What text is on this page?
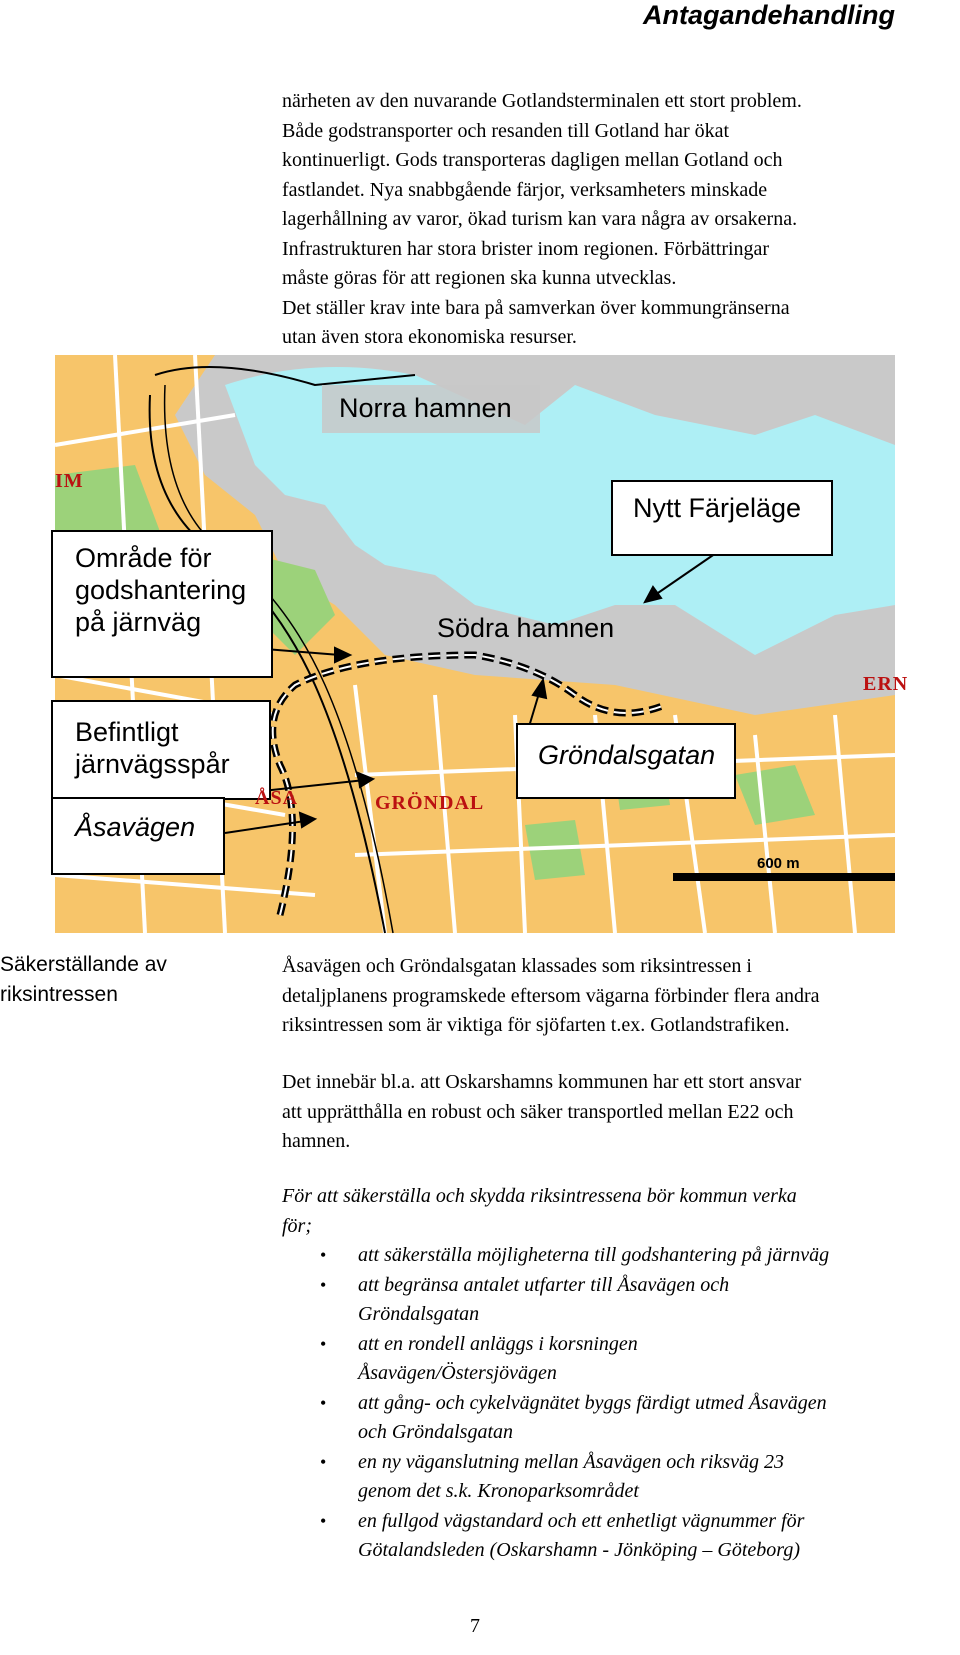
Antagandehandling

närheten av den nuvarande Gotlandsterminalen ett stort problem.
Både godstransporter och resanden till Gotland har ökat
kontinuerligt. Gods transporteras dagligen mellan Gotland och
fastlandet. Nya snabbgående färjor, verksamheters minskade
lagerhållning av varor, ökad turism kan vara några av orsakerna.
Infrastrukturen har stora brister inom regionen. Förbättringar
måste göras för att regionen ska kunna utvecklas.
Det ställer krav inte bara på samverkan över kommungränserna
utan även stora ekonomiska resurser.

Norra hamnen
Södra hamnen
Nytt Färjeläge
Område för
godshantering
på järnväg
Befintligt
järnvägsspår
Åsavägen
Gröndalsgatan
GRÖNDAL
ÅSA
ERN
IM
600 m
Säkerställande av
riksintressen

Åsavägen och Gröndalsgatan klassades som riksintressen i
detaljplanens programskede eftersom vägarna förbinder flera andra
riksintressen som är viktiga för sjöfarten t.ex. Gotlandstrafiken.

Det innebär bl.a. att Oskarshamns kommunen har ett stort ansvar
att upprätthålla en robust och säker transportled mellan E22 och
hamnen.

För att säkerställa och skydda riksintressena bör kommun verka
för;

• att säkerställa möjligheterna till godshantering på järnväg
• att begränsa antalet utfarter till Åsavägen och
Gröndalsgatan
• att en rondell anläggs i korsningen
Åsavägen/Östersjövägen
• att gång- och cykelvägnätet byggs färdigt utmed Åsavägen
och Gröndalsgatan
• en ny väganslutning mellan Åsavägen och riksväg 23
genom det s.k. Kronoparksområdet
• en fullgod vägstandard och ett enhetligt vägnummer för
Götalandsleden (Oskarshamn - Jönköping – Göteborg)
7
